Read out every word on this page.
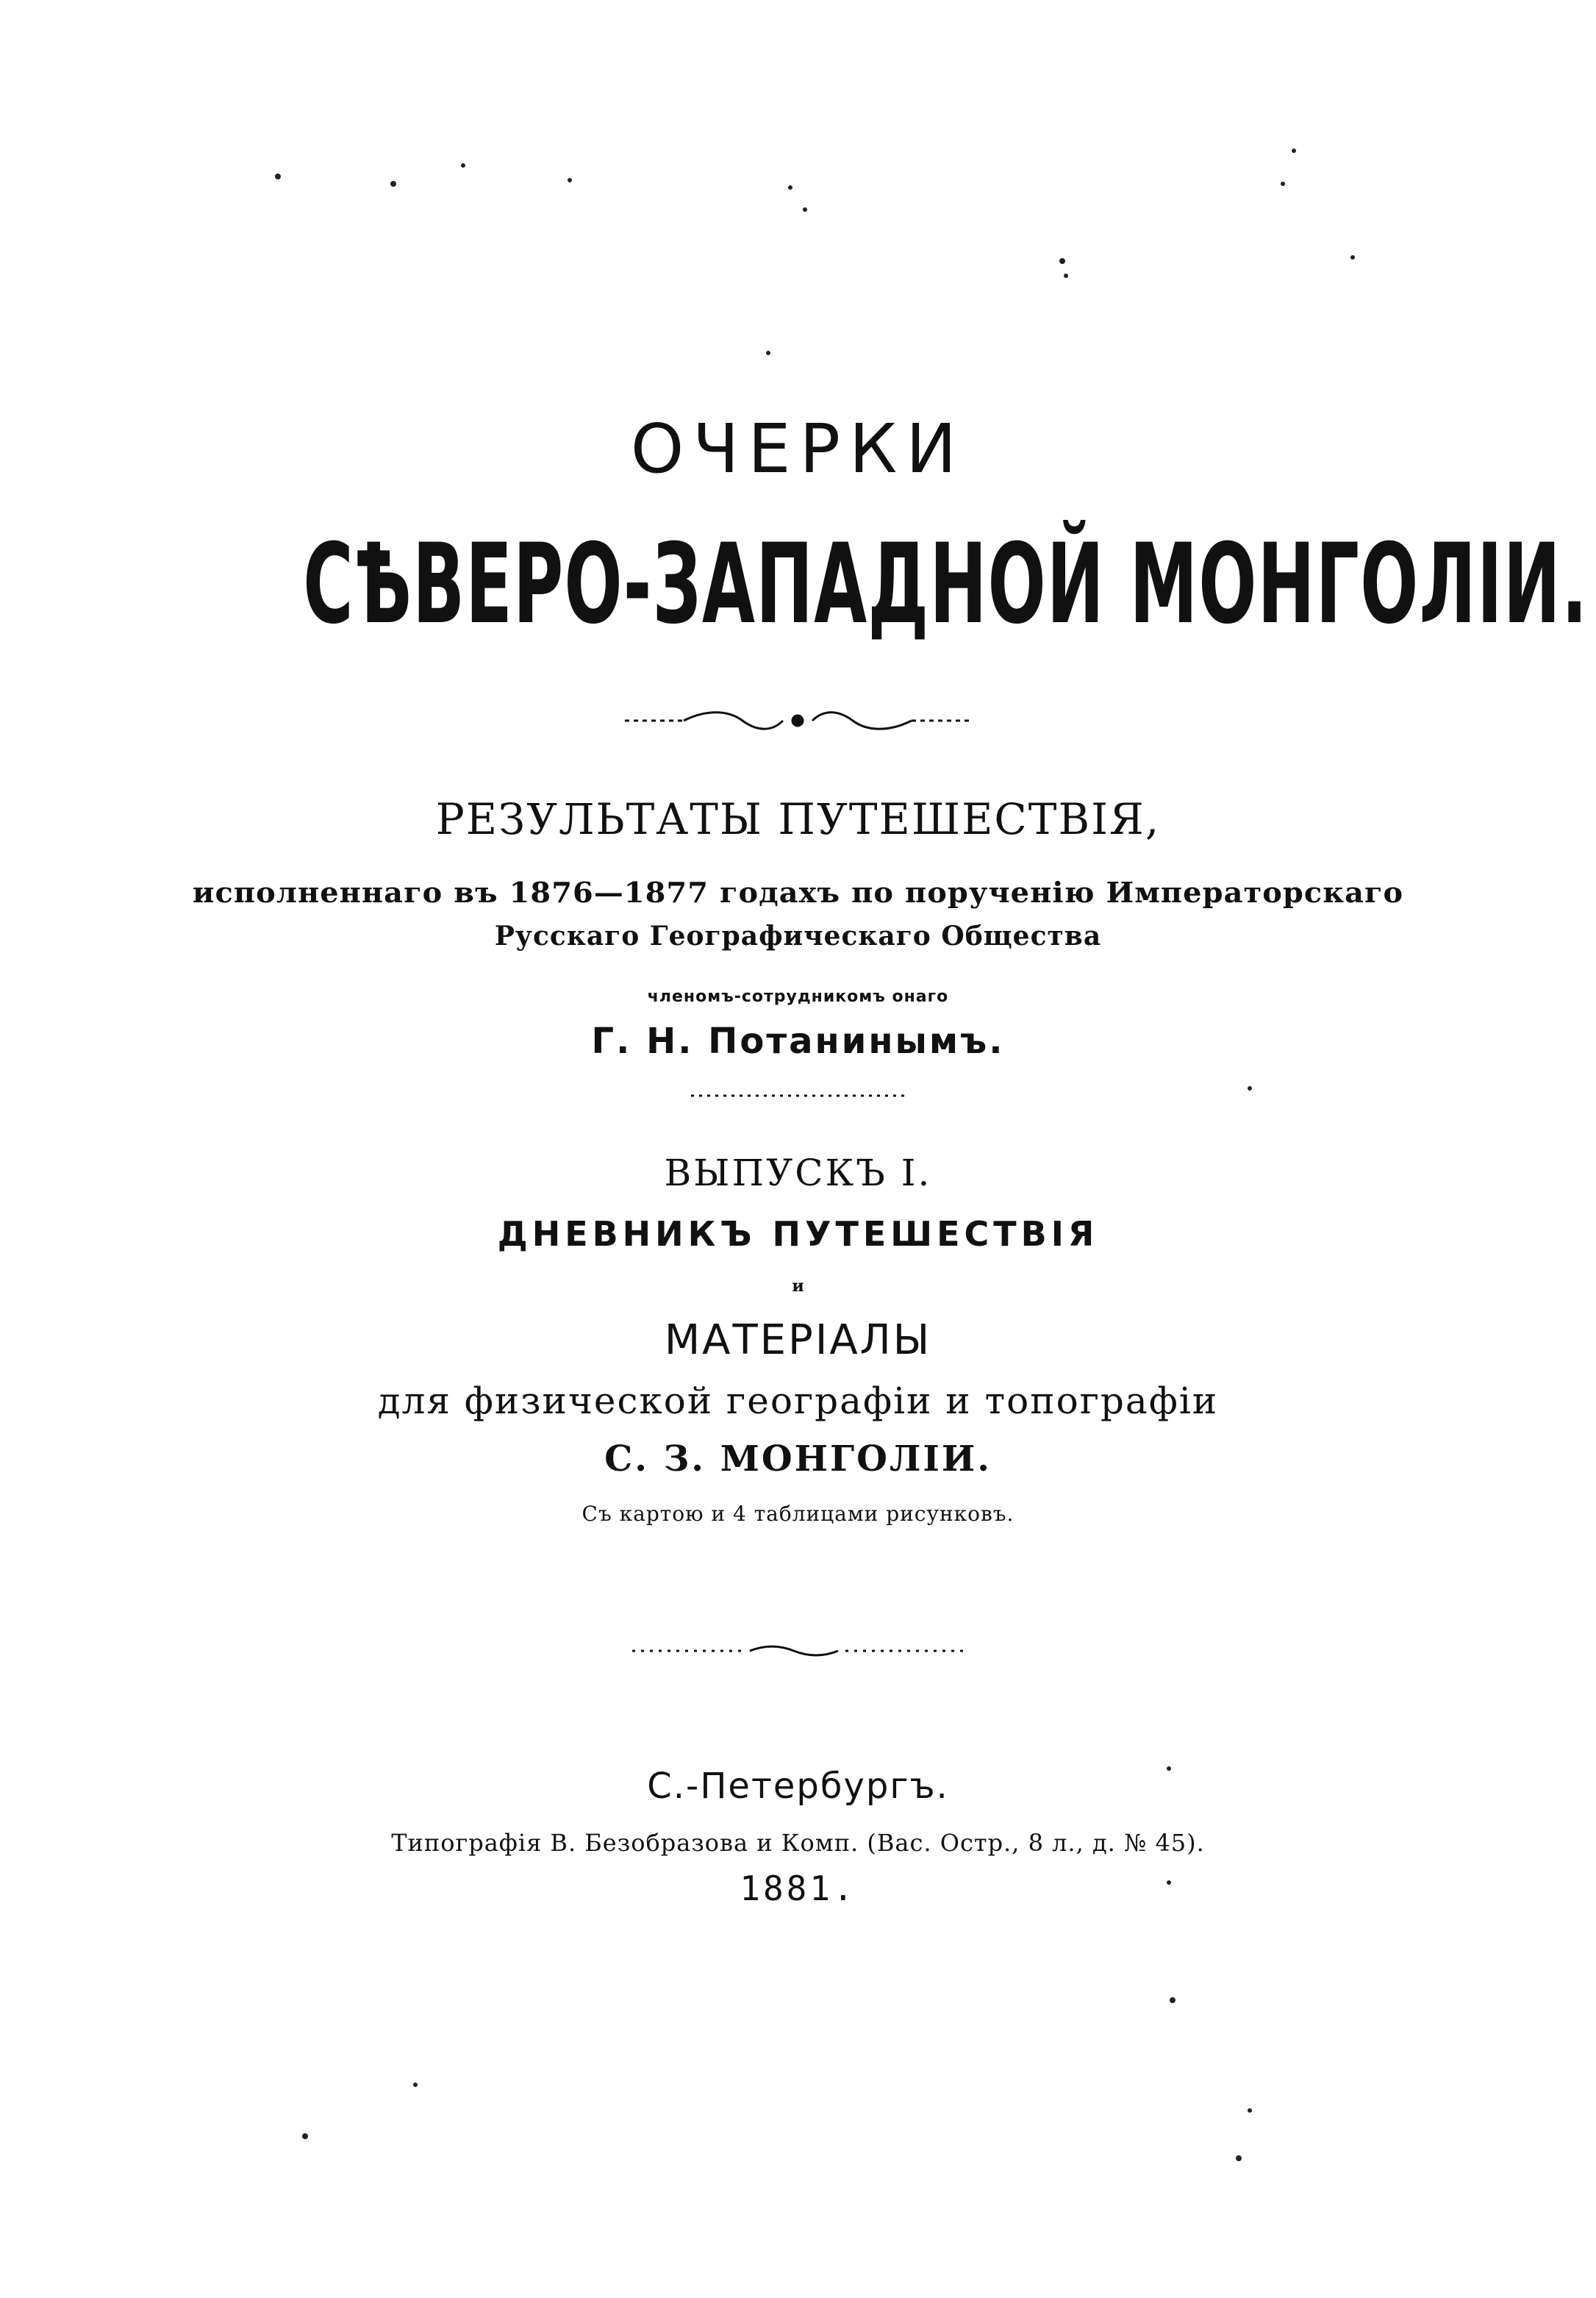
ОЧЕРКИ
СѢВЕРО-ЗАПАДНОЙ МОНГОЛІИ.
РЕЗУЛЬТАТЫ ПУТЕШЕСТВІЯ,
исполненнаго въ 1876—1877 годахъ по порученію Императорскаго
Русскаго Географическаго Общества
членомъ-сотрудникомъ онаго
Г. Н. Потанинымъ.
ВЫПУСКЪ I.
ДНЕВНИКЪ ПУТЕШЕСТВІЯ
и
МАТЕРІАЛЫ
для физической географіи и топографіи
С. З. МОНГОЛІИ.
Съ картою и 4 таблицами рисунковъ.
С.-Петербургъ.
Типографія В. Безобразова и Комп. (Вас. Остр., 8 л., д. № 45).
1881.
